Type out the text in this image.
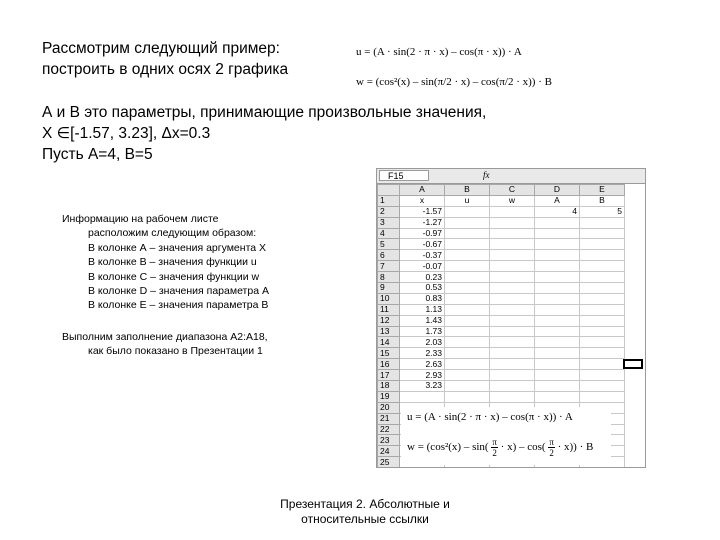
Рассмотрим следующий пример:
построить в одних осях 2 графика
u = (A · sin(2 · π · x) – cos(π · x)) · A
w = (cos²(x) – sin(π/2 · x) – cos(π/2 · x)) · B
А и В это параметры, принимающие произвольные значения,
X ∈[-1.57, 3.23], Δx=0.3
Пусть А=4, В=5
Информацию на рабочем листе
расположим следующим образом:
В колонке А – значения аргумента Х
В колонке В – значения функции u
В колонке С – значения функции w
В колонке D – значения параметра А
В колонке Е – значения параметра В
Выполним заполнение диапазона А2:А18,
как было показано в Презентации 1
F15	fx
	A	B	C	D	E
1	x	u	w	A	B
2	-1.57			4	5
3	-1.27				
4	-0.97				
5	-0.67				
6	-0.37				
7	-0.07				
8	0.23				
9	0.53				
10	0.83				
11	1.13				
12	1.43				
13	1.73				
14	2.03				
15	2.33				
16	2.63				
17	2.93				
18	3.23				
19					
20					
21					
22					
23					
24					
25					
u = (A · sin(2 · π · x) – cos(π · x)) · A
$w = (\cos^2(x) - \sin( \frac{\pi}{2} \cdot x) - \cos( \frac{\pi}{2} \cdot x)) \cdot B$
Презентация 2. Абсолютные и
относительные ссылки
